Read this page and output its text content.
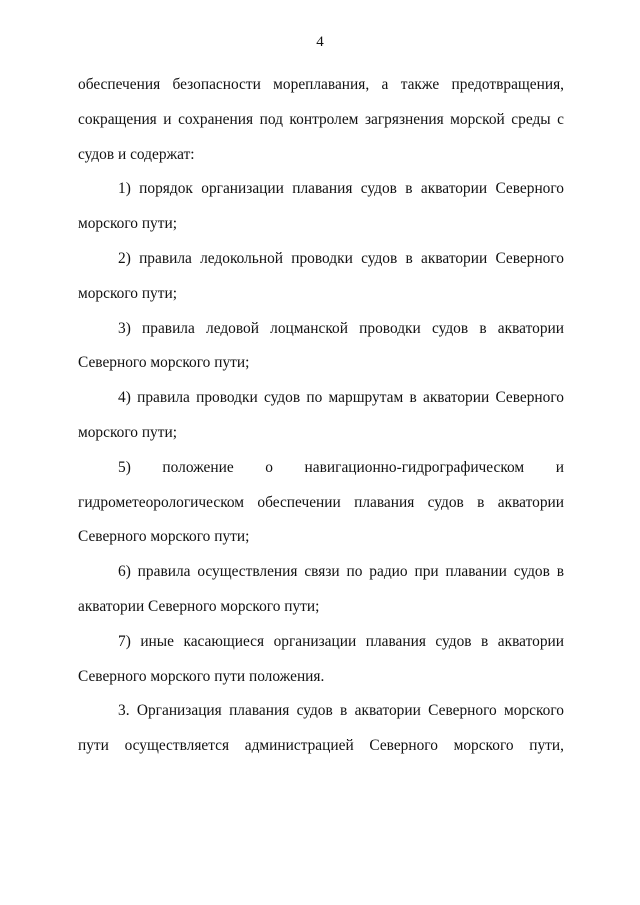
4

обеспечения безопасности мореплавания, а также предотвращения, сокращения и сохранения под контролем загрязнения морской среды с судов и содержат:

1) порядок организации плавания судов в акватории Северного морского пути;

2) правила ледокольной проводки судов в акватории Северного морского пути;

3) правила ледовой лоцманской проводки судов в акватории Северного морского пути;

4) правила проводки судов по маршрутам в акватории Северного морского пути;

5) положение о навигационно-гидрографическом и гидрометеорологическом обеспечении плавания судов в акватории Северного морского пути;

6) правила осуществления связи по радио при плавании судов в акватории Северного морского пути;

7) иные касающиеся организации плавания судов в акватории Северного морского пути положения.

3. Организация плавания судов в акватории Северного морского пути осуществляется администрацией Северного морского пути,
